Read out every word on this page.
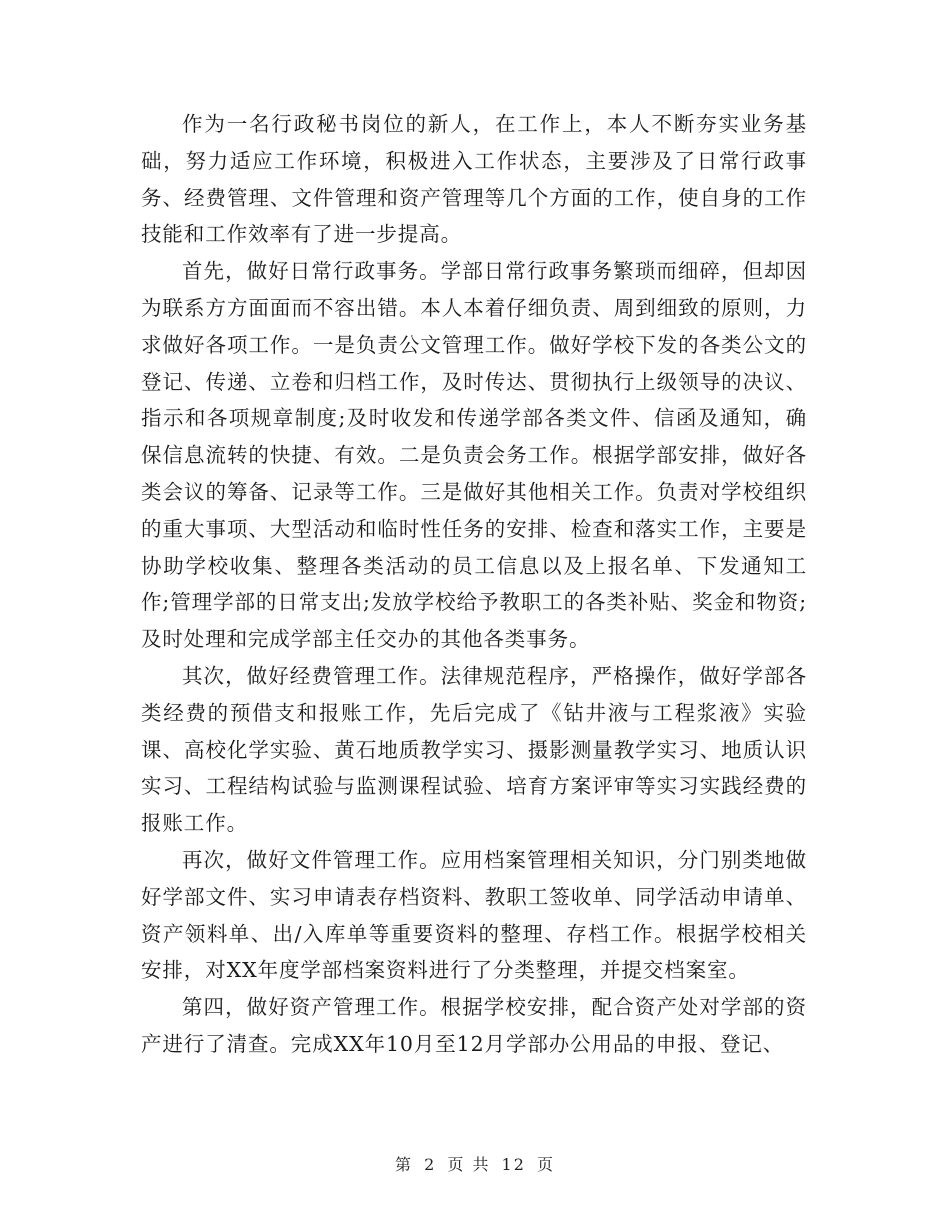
作为一名行政秘书岗位的新人，在工作上，本人不断夯实业务基础，努力适应工作环境，积极进入工作状态，主要涉及了日常行政事务、经费管理、文件管理和资产管理等几个方面的工作，使自身的工作技能和工作效率有了进一步提高。

首先，做好日常行政事务。学部日常行政事务繁琐而细碎，但却因为联系方方面面而不容出错。本人本着仔细负责、周到细致的原则，力求做好各项工作。一是负责公文管理工作。做好学校下发的各类公文的登记、传递、立卷和归档工作，及时传达、贯彻执行上级领导的决议、指示和各项规章制度;及时收发和传递学部各类文件、信函及通知，确保信息流转的快捷、有效。二是负责会务工作。根据学部安排，做好各类会议的筹备、记录等工作。三是做好其他相关工作。负责对学校组织的重大事项、大型活动和临时性任务的安排、检查和落实工作，主要是协助学校收集、整理各类活动的员工信息以及上报名单、下发通知工作;管理学部的日常支出;发放学校给予教职工的各类补贴、奖金和物资;及时处理和完成学部主任交办的其他各类事务。

其次，做好经费管理工作。法律规范程序，严格操作，做好学部各类经费的预借支和报账工作，先后完成了《钻井液与工程浆液》实验课、高校化学实验、黄石地质教学实习、摄影测量教学实习、地质认识实习、工程结构试验与监测课程试验、培育方案评审等实习实践经费的报账工作。

再次，做好文件管理工作。应用档案管理相关知识，分门别类地做好学部文件、实习申请表存档资料、教职工签收单、同学活动申请单、资产领料单、出/入库单等重要资料的整理、存档工作。根据学校相关安排，对XX年度学部档案资料进行了分类整理，并提交档案室。

第四，做好资产管理工作。根据学校安排，配合资产处对学部的资产进行了清查。完成XX年10月至12月学部办公用品的申报、登记、

第 2 页 共 12 页
